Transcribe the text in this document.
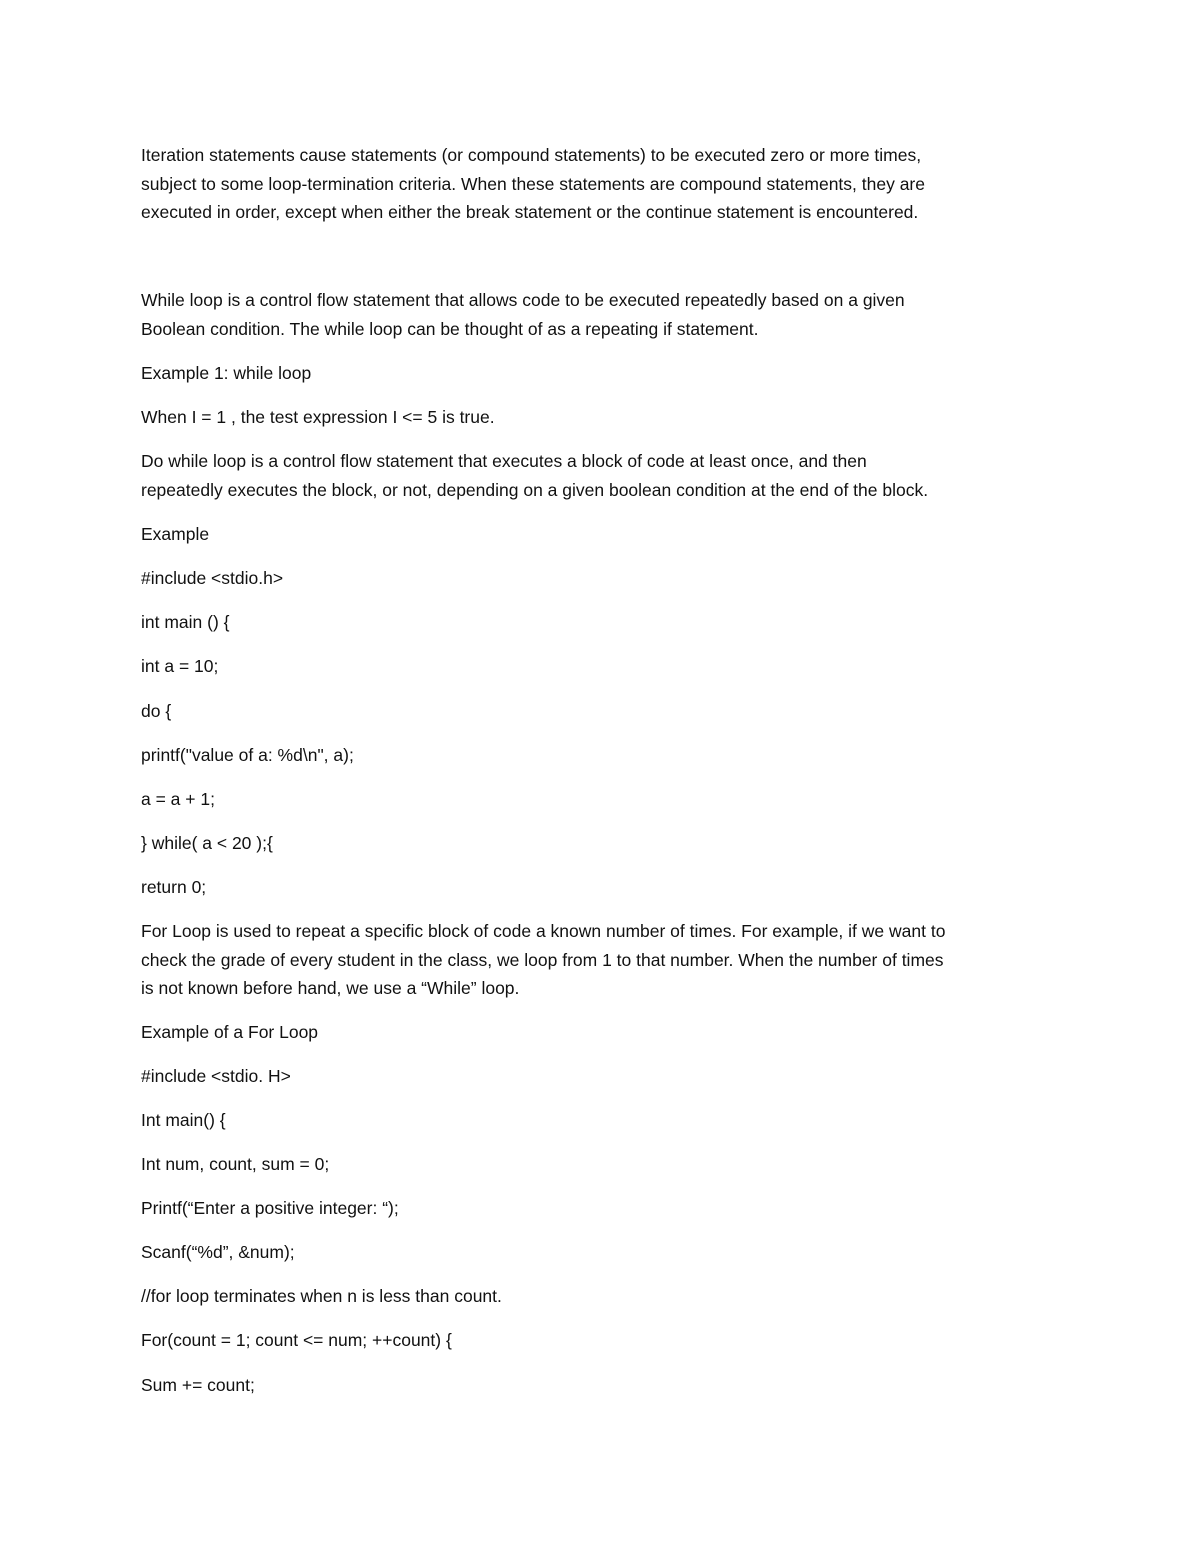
Iteration statements cause statements (or compound statements) to be executed zero or more times,
subject to some loop-termination criteria. When these statements are compound statements, they are
executed in order, except when either the break statement or the continue statement is encountered.

While loop is a control flow statement that allows code to be executed repeatedly based on a given
Boolean condition. The while loop can be thought of as a repeating if statement.

Example 1: while loop

When I = 1 , the test expression I <= 5 is true.

Do while loop is a control flow statement that executes a block of code at least once, and then
repeatedly executes the block, or not, depending on a given boolean condition at the end of the block.

Example

#include <stdio.h>

int main () {

int a = 10;

do {

printf("value of a: %d\n", a);

a = a + 1;

} while( a < 20 );{

return 0;

For Loop is used to repeat a specific block of code a known number of times. For example, if we want to
check the grade of every student in the class, we loop from 1 to that number. When the number of times
is not known before hand, we use a “While” loop.

Example of a For Loop

#include <stdio. H>

Int main() {

Int num, count, sum = 0;

Printf(“Enter a positive integer: “);

Scanf(“%d”, &num);

//for loop terminates when n is less than count.

For(count = 1; count <= num; ++count) {

Sum += count;
